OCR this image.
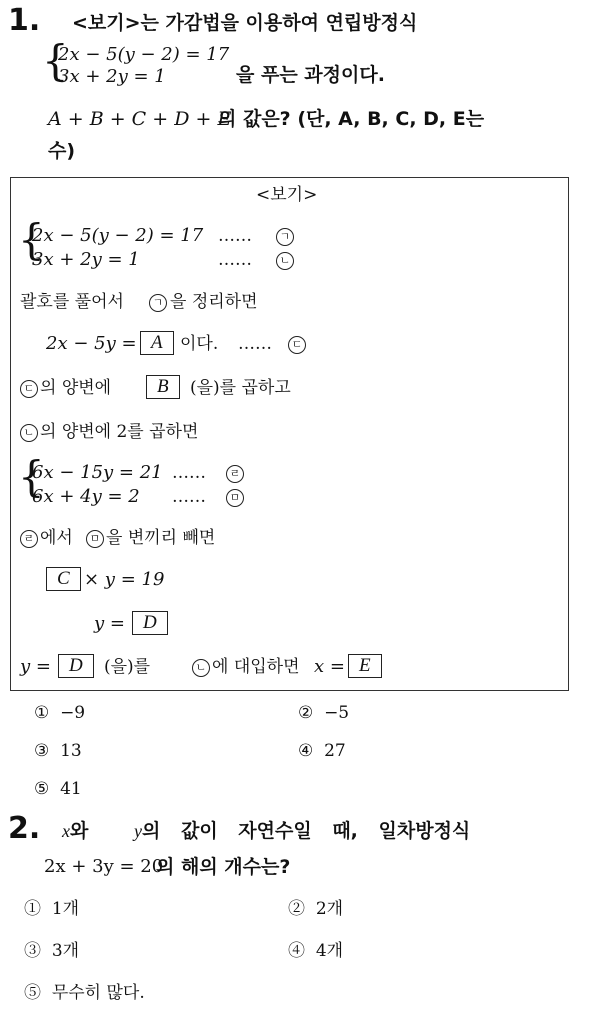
1. <보기>는 가감법을 이용하여 연립방정식
{
2x − 5(y − 2) = 17
3x + 2y = 1	을 푸는 과정이다.
A + B + C + D + E
의 값은? (단, A, B, C, D, E는
수)
<보기>
{
2x − 5(y − 2) = 17 ……	ㄱ
3x + 2y = 1	……	ㄴ
괄호를 풀어서	ㄱ 을 정리하면
2x − 5y = A	이다. ……	ㄷ
ㄷ 의 양변에	B	(을)를 곱하고
ㄴ 의 양변에 2를 곱하면
{
6x − 15y = 21 ……	ㄹ
6x + 4y = 2 ……	ㅁ
ㄹ 에서	ㅁ 을 변끼리 빼면
C × y = 19
y = D
y = D	(을)를	ㄴ 에 대입하면 x = E
① −9	② −5
③ 13	④ 27
⑤ 41
2. x와	y의 값이 자연수일 때, 일차방정식
2x + 3y = 20
의 해의 개수는?
① 1개	② 2개
③ 3개	④ 4개
⑤ 무수히 많다.
